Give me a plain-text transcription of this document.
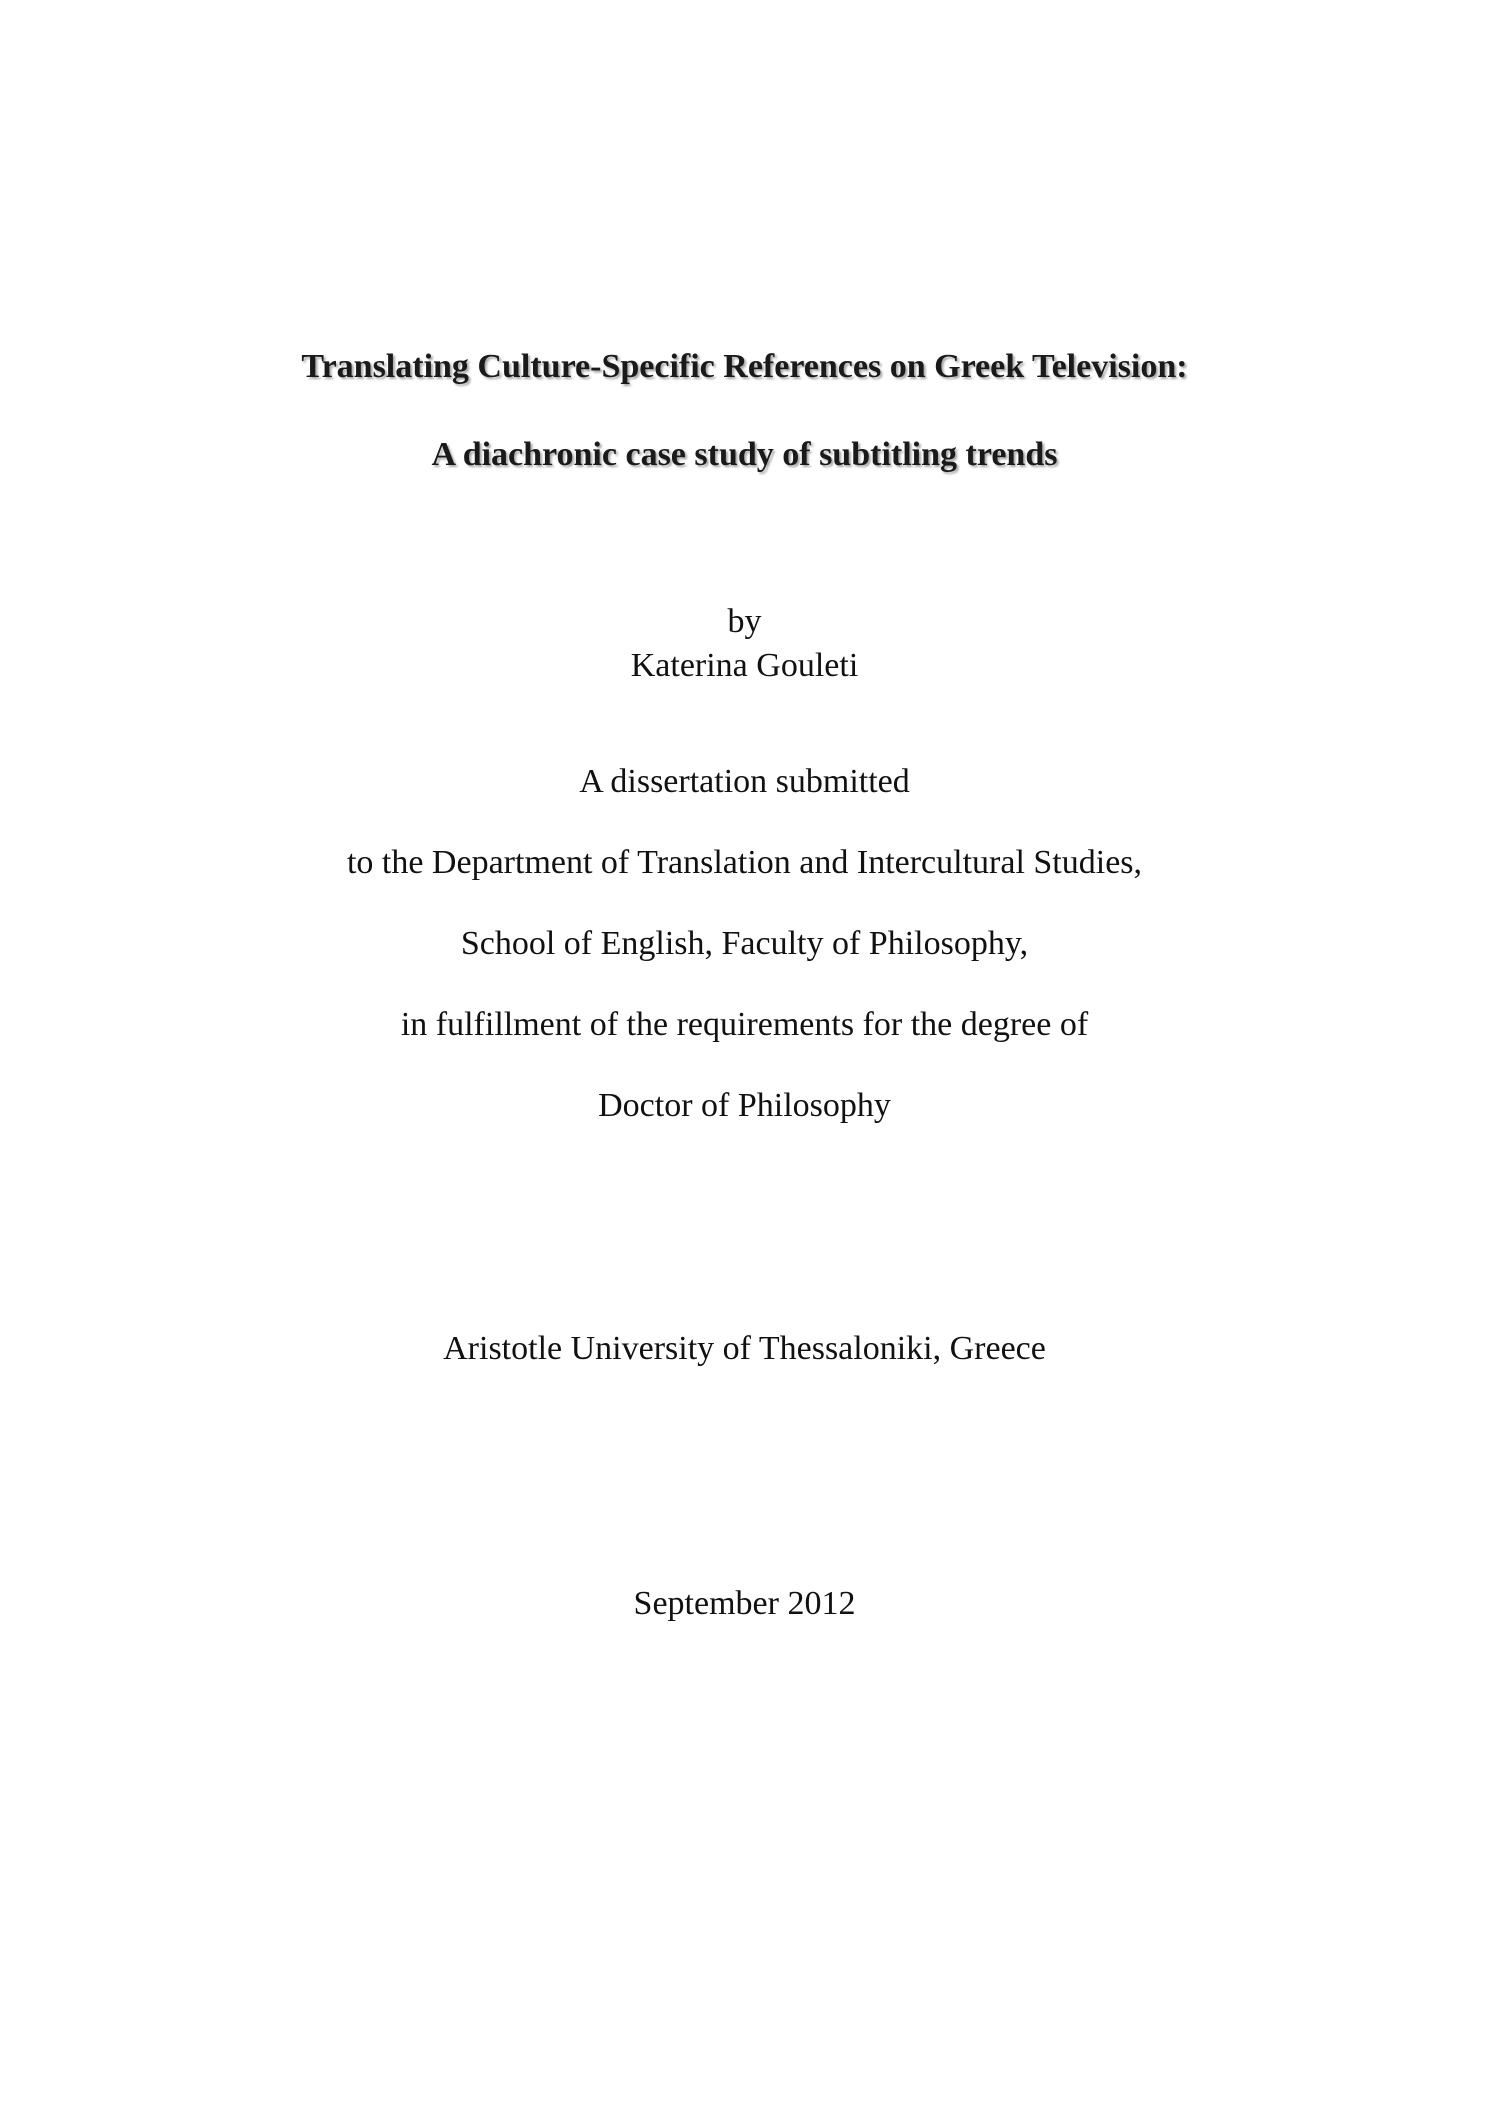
Translating Culture-Specific References on Greek Television:
A diachronic case study of subtitling trends
by
Katerina Gouleti
A dissertation submitted
to the Department of Translation and Intercultural Studies,
School of English, Faculty of Philosophy,
in fulfillment of the requirements for the degree of
Doctor of Philosophy
Aristotle University of Thessaloniki, Greece
September 2012
